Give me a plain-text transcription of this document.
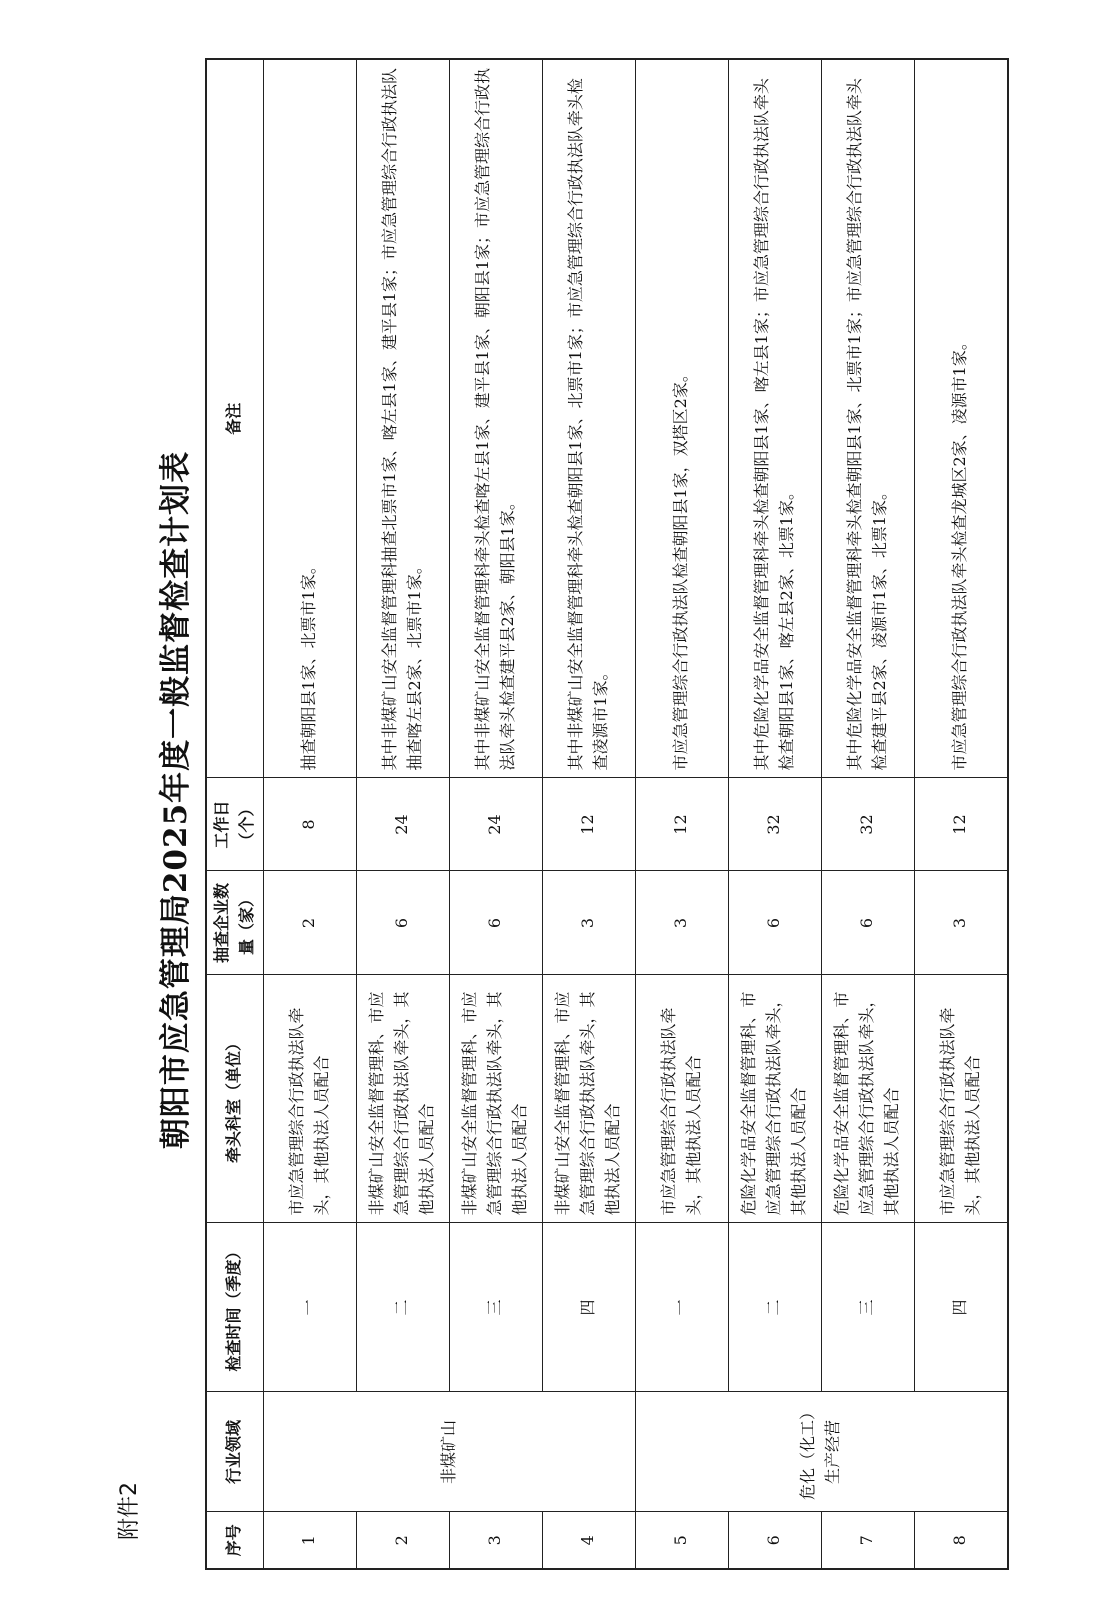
附件2
朝阳市应急管理局2025年度一般监督检查计划表
序号	行业领域	检查时间（季度）	牵头科室（单位）	抽查企业数量（家）	工作日（个）	备注
1	非煤矿山	一	市应急管理综合行政执法队牵头，其他执法人员配合	2	8	抽查朝阳县1家、北票市1家。
2		二	非煤矿山安全监督管理科、市应急管理综合行政执法队牵头，其他执法人员配合	6	24	其中非煤矿山安全监督管理科抽查北票市1家、喀左县1家、建平县1家；市应急管理综合行政执法队抽查喀左县2家、北票市1家。
3		三	非煤矿山安全监督管理科、市应急管理综合行政执法队牵头，其他执法人员配合	6	24	其中非煤矿山安全监督管理科牵头检查喀左县1家、建平县1家、朝阳县1家；市应急管理综合行政执法队牵头检查建平县2家、朝阳县1家。
4		四	非煤矿山安全监督管理科、市应急管理综合行政执法队牵头，其他执法人员配合	3	12	其中非煤矿山安全监督管理科牵头检查朝阳县1家、北票市1家；市应急管理综合行政执法队牵头检查凌源市1家。
5	危化（化工）生产经营	一	市应急管理综合行政执法队牵头，其他执法人员配合	3	12	市应急管理综合行政执法队检查朝阳县1家，双塔区2家。
6		二	危险化学品安全监督管理科、市应急管理综合行政执法队牵头，其他执法人员配合	6	32	其中危险化学品安全监督管理科牵头检查朝阳县1家、喀左县1家；市应急管理综合行政执法队牵头检查朝阳县1家、喀左县2家、北票1家。
7		三	危险化学品安全监督管理科、市应急管理综合行政执法队牵头，其他执法人员配合	6	32	其中危险化学品安全监督管理科牵头检查朝阳县1家、北票市1家；市应急管理综合行政执法队牵头检查建平县2家、凌源市1家、北票1家。
8		四	市应急管理综合行政执法队牵头，其他执法人员配合	3	12	市应急管理综合行政执法队牵头检查龙城区2家、凌源市1家。
